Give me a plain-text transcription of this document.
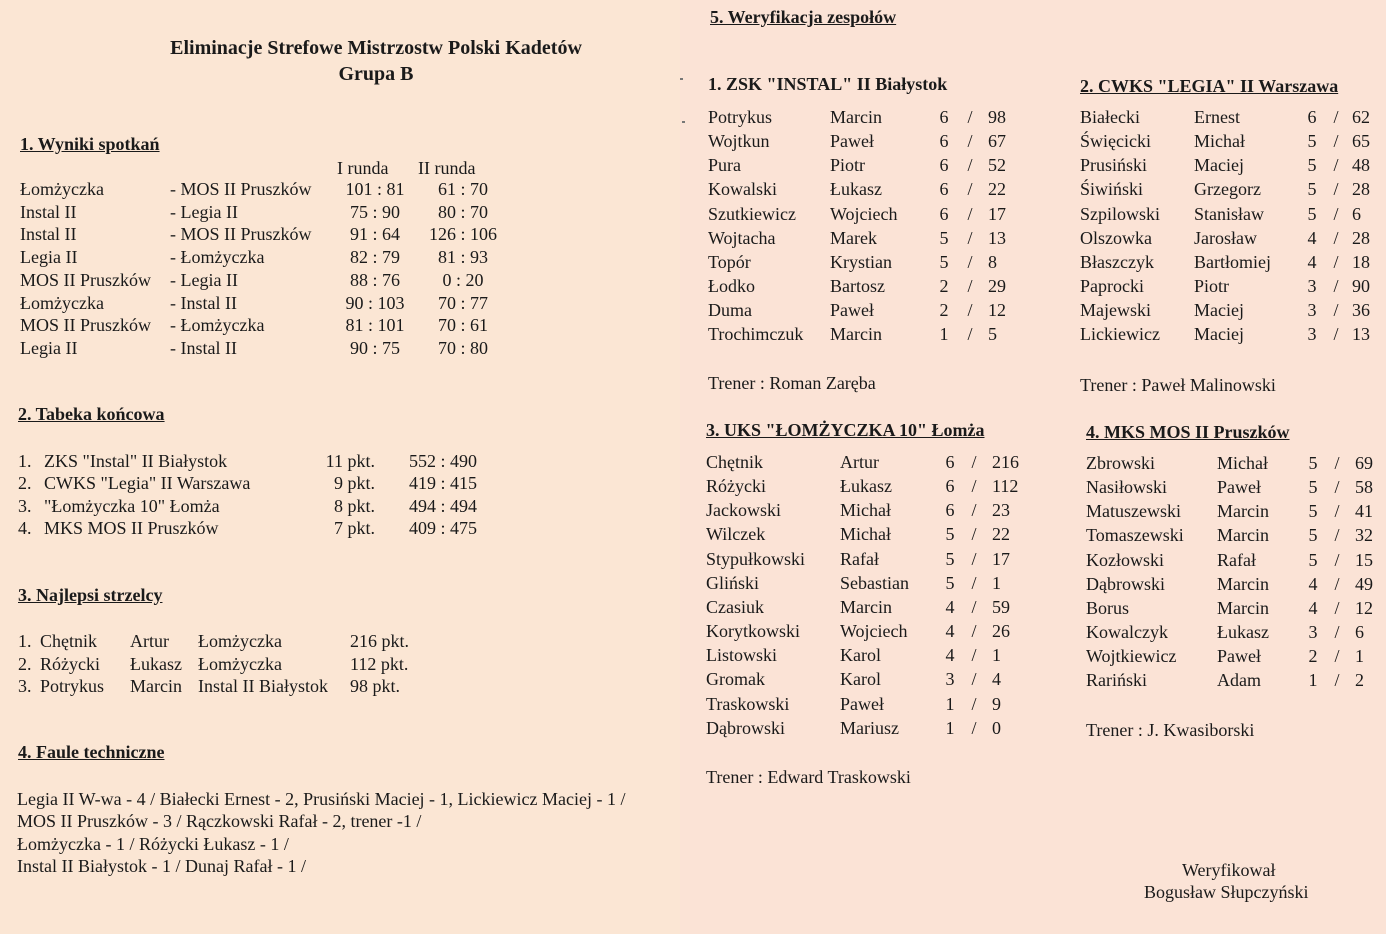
Eliminacje Strefowe Mistrzostw Polski Kadetów
Grupa B
1. Wyniki spotkań
I runda II runda
Łomżyczka	- MOS II Pruszków	101 : 81	61 : 70
Instal II	- Legia II	75 : 90	80 : 70
Instal II	- MOS II Pruszków	91 : 64	126 : 106
Legia II	- Łomżyczka	82 : 79	81 : 93
MOS II Pruszków - Legia II	88 : 76	0 : 20
Łomżyczka	- Instal II	90 : 103	70 : 77
MOS II Pruszków - Łomżyczka	81 : 101	70 : 61
Legia II	- Instal II	90 : 75	70 : 80
2. Tabeka końcowa
1. ZKS "Instal" II Białystok	11 pkt.	552 : 490
2. CWKS "Legia" II Warszawa	9 pkt.	419 : 415
3. "Łomżyczka 10" Łomża	8 pkt.	494 : 494
4. MKS MOS II Pruszków	7 pkt.	409 : 475
3. Najlepsi strzelcy
1. Chętnik Artur Łomżyczka	216 pkt.
2. Różycki Łukasz Łomżyczka	112 pkt.
3. Potrykus Marcin Instal II Białystok 98 pkt.
4. Faule techniczne
Legia II W-wa - 4 / Białecki Ernest - 2, Prusiński Maciej - 1, Lickiewicz Maciej - 1 /
MOS II Pruszków - 3 / Rączkowski Rafał - 2, trener -1 /
Łomżyczka - 1 / Różycki Łukasz - 1 /
Instal II Białystok - 1 / Dunaj Rafał - 1 /
5. Weryfikacja zespołów
1. ZSK "INSTAL" II Białystok
Potrykus	Marcin	6 / 98
Wojtkun	Paweł	6 / 67
Pura	Piotr	6 / 52
Kowalski	Łukasz	6 / 22
Szutkiewicz Wojciech 6 / 17
Wojtacha	Marek	5 / 13
Topór	Krystian	5 / 8
Łodko	Bartosz	2 / 29
Duma	Paweł	2 / 12
Trochimczuk Marcin	1 / 5
Trener : Roman Zaręba
2. CWKS "LEGIA" II Warszawa
Białecki	Ernest	6 / 62
Święcicki Michał	5 / 65
Prusiński	Maciej	5 / 48
Śiwiński	Grzegorz	5 / 28
Szpilowski Stanisław 5 / 6
Olszowka Jarosław	4 / 28
Błaszczyk Bartłomiej 4 / 18
Paprocki	Piotr	3 / 90
Majewski Maciej	3 / 36
Lickiewicz Maciej	3 / 13
Trener : Paweł Malinowski
3. UKS "ŁOMŻYCZKA 10" Łomża
Chętnik	Artur	6 / 216
Różycki	Łukasz	6 / 112
Jackowski	Michał	6 / 23
Wilczek	Michał	5 / 22
Stypułkowski Rafał	5 / 17
Gliński	Sebastian 5 / 1
Czasiuk	Marcin	4 / 59
Korytkowski Wojciech 4 / 26
Listowski	Karol	4 / 1
Gromak	Karol	3 / 4
Traskowski	Paweł	1 / 9
Dąbrowski	Mariusz	1 / 0
Trener : Edward Traskowski
4. MKS MOS II Pruszków
Zbrowski	Michał 5 / 69
Nasiłowski	Paweł	5 / 58
Matuszewski Marcin 5 / 41
Tomaszewski Marcin 5 / 32
Kozłowski	Rafał	5 / 15
Dąbrowski	Marcin 4 / 49
Borus	Marcin 4 / 12
Kowalczyk	Łukasz 3 / 6
Wojtkiewicz Paweł	2 / 1
Rariński	Adam	1 / 2
Trener : J. Kwasiborski
Weryfikował
Bogusław Słupczyński
